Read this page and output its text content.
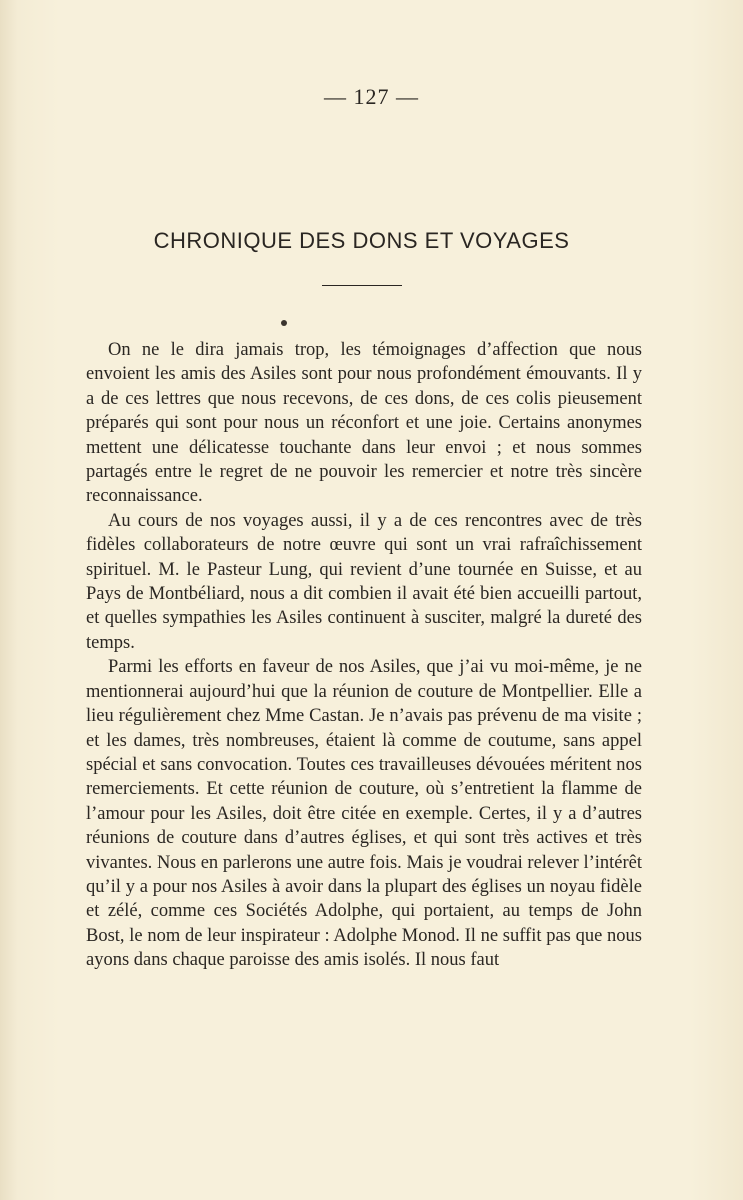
— 127 —
CHRONIQUE DES DONS ET VOYAGES

On ne le dira jamais trop, les témoignages d’affection que nous envoient les amis des Asiles sont pour nous profondément émouvants. Il y a de ces lettres que nous recevons, de ces dons, de ces colis pieusement préparés qui sont pour nous un réconfort et une joie. Certains anonymes mettent une délicatesse touchante dans leur envoi ; et nous sommes partagés entre le regret de ne pouvoir les remercier et notre très sincère reconnaissance.

Au cours de nos voyages aussi, il y a de ces rencontres avec de très fidèles collaborateurs de notre œuvre qui sont un vrai rafraîchissement spirituel. M. le Pasteur Lung, qui revient d’une tournée en Suisse, et au Pays de Montbéliard, nous a dit combien il avait été bien accueilli partout, et quelles sympathies les Asiles continuent à susciter, malgré la dureté des temps.

Parmi les efforts en faveur de nos Asiles, que j’ai vu moi-même, je ne mentionnerai aujourd’hui que la réunion de couture de Montpellier. Elle a lieu régulièrement chez Mme Castan. Je n’avais pas prévenu de ma visite ; et les dames, très nombreuses, étaient là comme de coutume, sans appel spécial et sans convocation. Toutes ces travailleuses dévouées méritent nos remerciements. Et cette réunion de couture, où s’entretient la flamme de l’amour pour les Asiles, doit être citée en exemple. Certes, il y a d’autres réunions de couture dans d’autres églises, et qui sont très actives et très vivantes. Nous en parlerons une autre fois. Mais je voudrai relever l’intérêt qu’il y a pour nos Asiles à avoir dans la plupart des églises un noyau fidèle et zélé, comme ces Sociétés Adolphe, qui portaient, au temps de John Bost, le nom de leur inspirateur : Adolphe Monod. Il ne suffit pas que nous ayons dans chaque paroisse des amis isolés. Il nous faut
